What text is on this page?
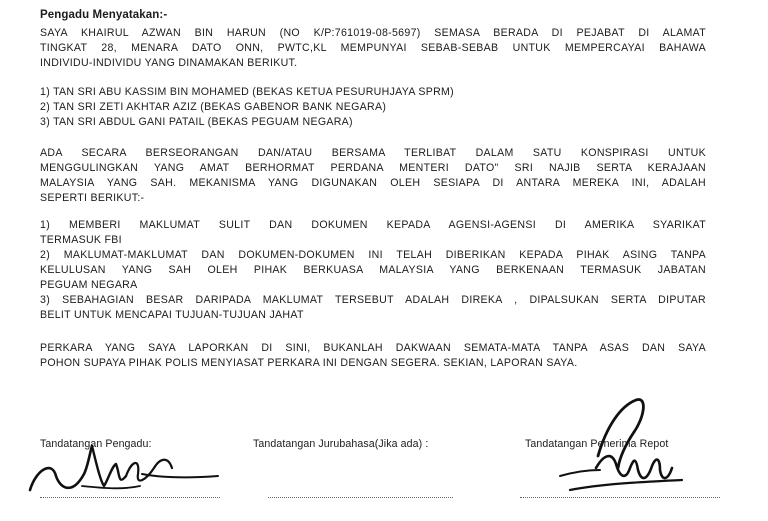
Pengadu Menyatakan:-
SAYA KHAIRUL AZWAN BIN HARUN (NO K/P:761019-08-5697) SEMASA BERADA DI PEJABAT DI ALAMAT
TINGKAT 28, MENARA DATO ONN, PWTC,KL MEMPUNYAI SEBAB-SEBAB UNTUK MEMPERCAYAI BAHAWA
INDIVIDU-INDIVIDU YANG DINAMAKAN BERIKUT.
1) TAN SRI ABU KASSIM BIN MOHAMED (BEKAS KETUA PESURUHJAYA SPRM)
2) TAN SRI ZETI AKHTAR AZIZ (BEKAS GABENOR BANK NEGARA)
3) TAN SRI ABDUL GANI PATAIL (BEKAS PEGUAM NEGARA)
ADA SECARA BERSEORANGAN DAN/ATAU BERSAMA TERLIBAT DALAM SATU KONSPIRASI UNTUK
MENGGULINGKAN YANG AMAT BERHORMAT PERDANA MENTERI DATO" SRI NAJIB SERTA KERAJAAN
MALAYSIA YANG SAH. MEKANISMA YANG DIGUNAKAN OLEH SESIAPA DI ANTARA MEREKA INI, ADALAH
SEPERTI BERIKUT:-
1) MEMBERI MAKLUMAT SULIT DAN DOKUMEN KEPADA AGENSI-AGENSI DI AMERIKA SYARIKAT
TERMASUK FBI
2) MAKLUMAT-MAKLUMAT DAN DOKUMEN-DOKUMEN INI TELAH DIBERIKAN KEPADA PIHAK ASING TANPA
KELULUSAN YANG SAH OLEH PIHAK BERKUASA MALAYSIA YANG BERKENAAN TERMASUK JABATAN
PEGUAM NEGARA
3) SEBAHAGIAN BESAR DARIPADA MAKLUMAT TERSEBUT ADALAH DIREKA , DIPALSUKAN SERTA DIPUTAR
BELIT UNTUK MENCAPAI TUJUAN-TUJUAN JAHAT
PERKARA YANG SAYA LAPORKAN DI SINI, BUKANLAH DAKWAAN SEMATA-MATA TANPA ASAS DAN SAYA
POHON SUPAYA PIHAK POLIS MENYIASAT PERKARA INI DENGAN SEGERA. SEKIAN, LAPORAN SAYA.
Tandatangan Pengadu:	Tandatangan Jurubahasa(Jika ada) :	Tandatangan Penerima Repot
